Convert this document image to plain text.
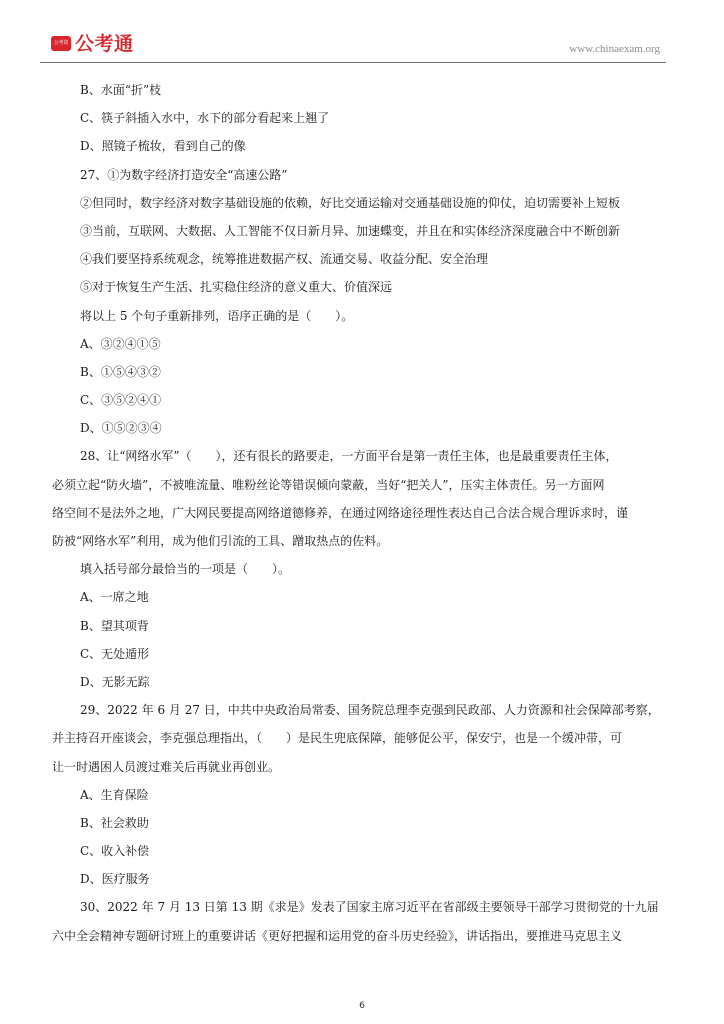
公考资 公考通	www.chinaexam.org
B、水面“折”枝
C、筷子斜插入水中，水下的部分看起来上翘了
D、照镜子梳妆，看到自己的像
27、①为数字经济打造安全“高速公路”
②但同时，数字经济对数字基础设施的依赖，好比交通运输对交通基础设施的仰仗，迫切需要补上短板
③当前，互联网、大数据、人工智能不仅日新月异、加速蝶变，并且在和实体经济深度融合中不断创新
④我们要坚持系统观念，统筹推进数据产权、流通交易、收益分配、安全治理
⑤对于恢复生产生活、扎实稳住经济的意义重大、价值深远
将以上 5 个句子重新排列，语序正确的是（　　）。
A、③②④①⑤
B、①⑤④③②
C、③⑤②④①
D、①⑤②③④
28、让“网络水军”（　　），还有很长的路要走，一方面平台是第一责任主体，也是最重要责任主体，
必须立起“防火墙”，不被唯流量、唯粉丝论等错误倾向蒙蔽，当好“把关人”，压实主体责任。另一方面网
络空间不是法外之地，广大网民要提高网络道德修养，在通过网络途径理性表达自己合法合规合理诉求时，谨
防被“网络水军”利用，成为他们引流的工具、蹭取热点的佐料。
填入括号部分最恰当的一项是（　　）。
A、一席之地
B、望其项背
C、无处遁形
D、无影无踪
29、2022 年 6 月 27 日，中共中央政治局常委、国务院总理李克强到民政部、人力资源和社会保障部考察，
并主持召开座谈会，李克强总理指出，（　　）是民生兜底保障，能够促公平，保安宁，也是一个缓冲带，可
让一时遇困人员渡过难关后再就业再创业。
A、生育保险
B、社会救助
C、收入补偿
D、医疗服务
30、2022 年 7 月 13 日第 13 期《求是》发表了国家主席习近平在省部级主要领导干部学习贯彻党的十九届
六中全会精神专题研讨班上的重要讲话《更好把握和运用党的奋斗历史经验》，讲话指出，要推进马克思主义
6
